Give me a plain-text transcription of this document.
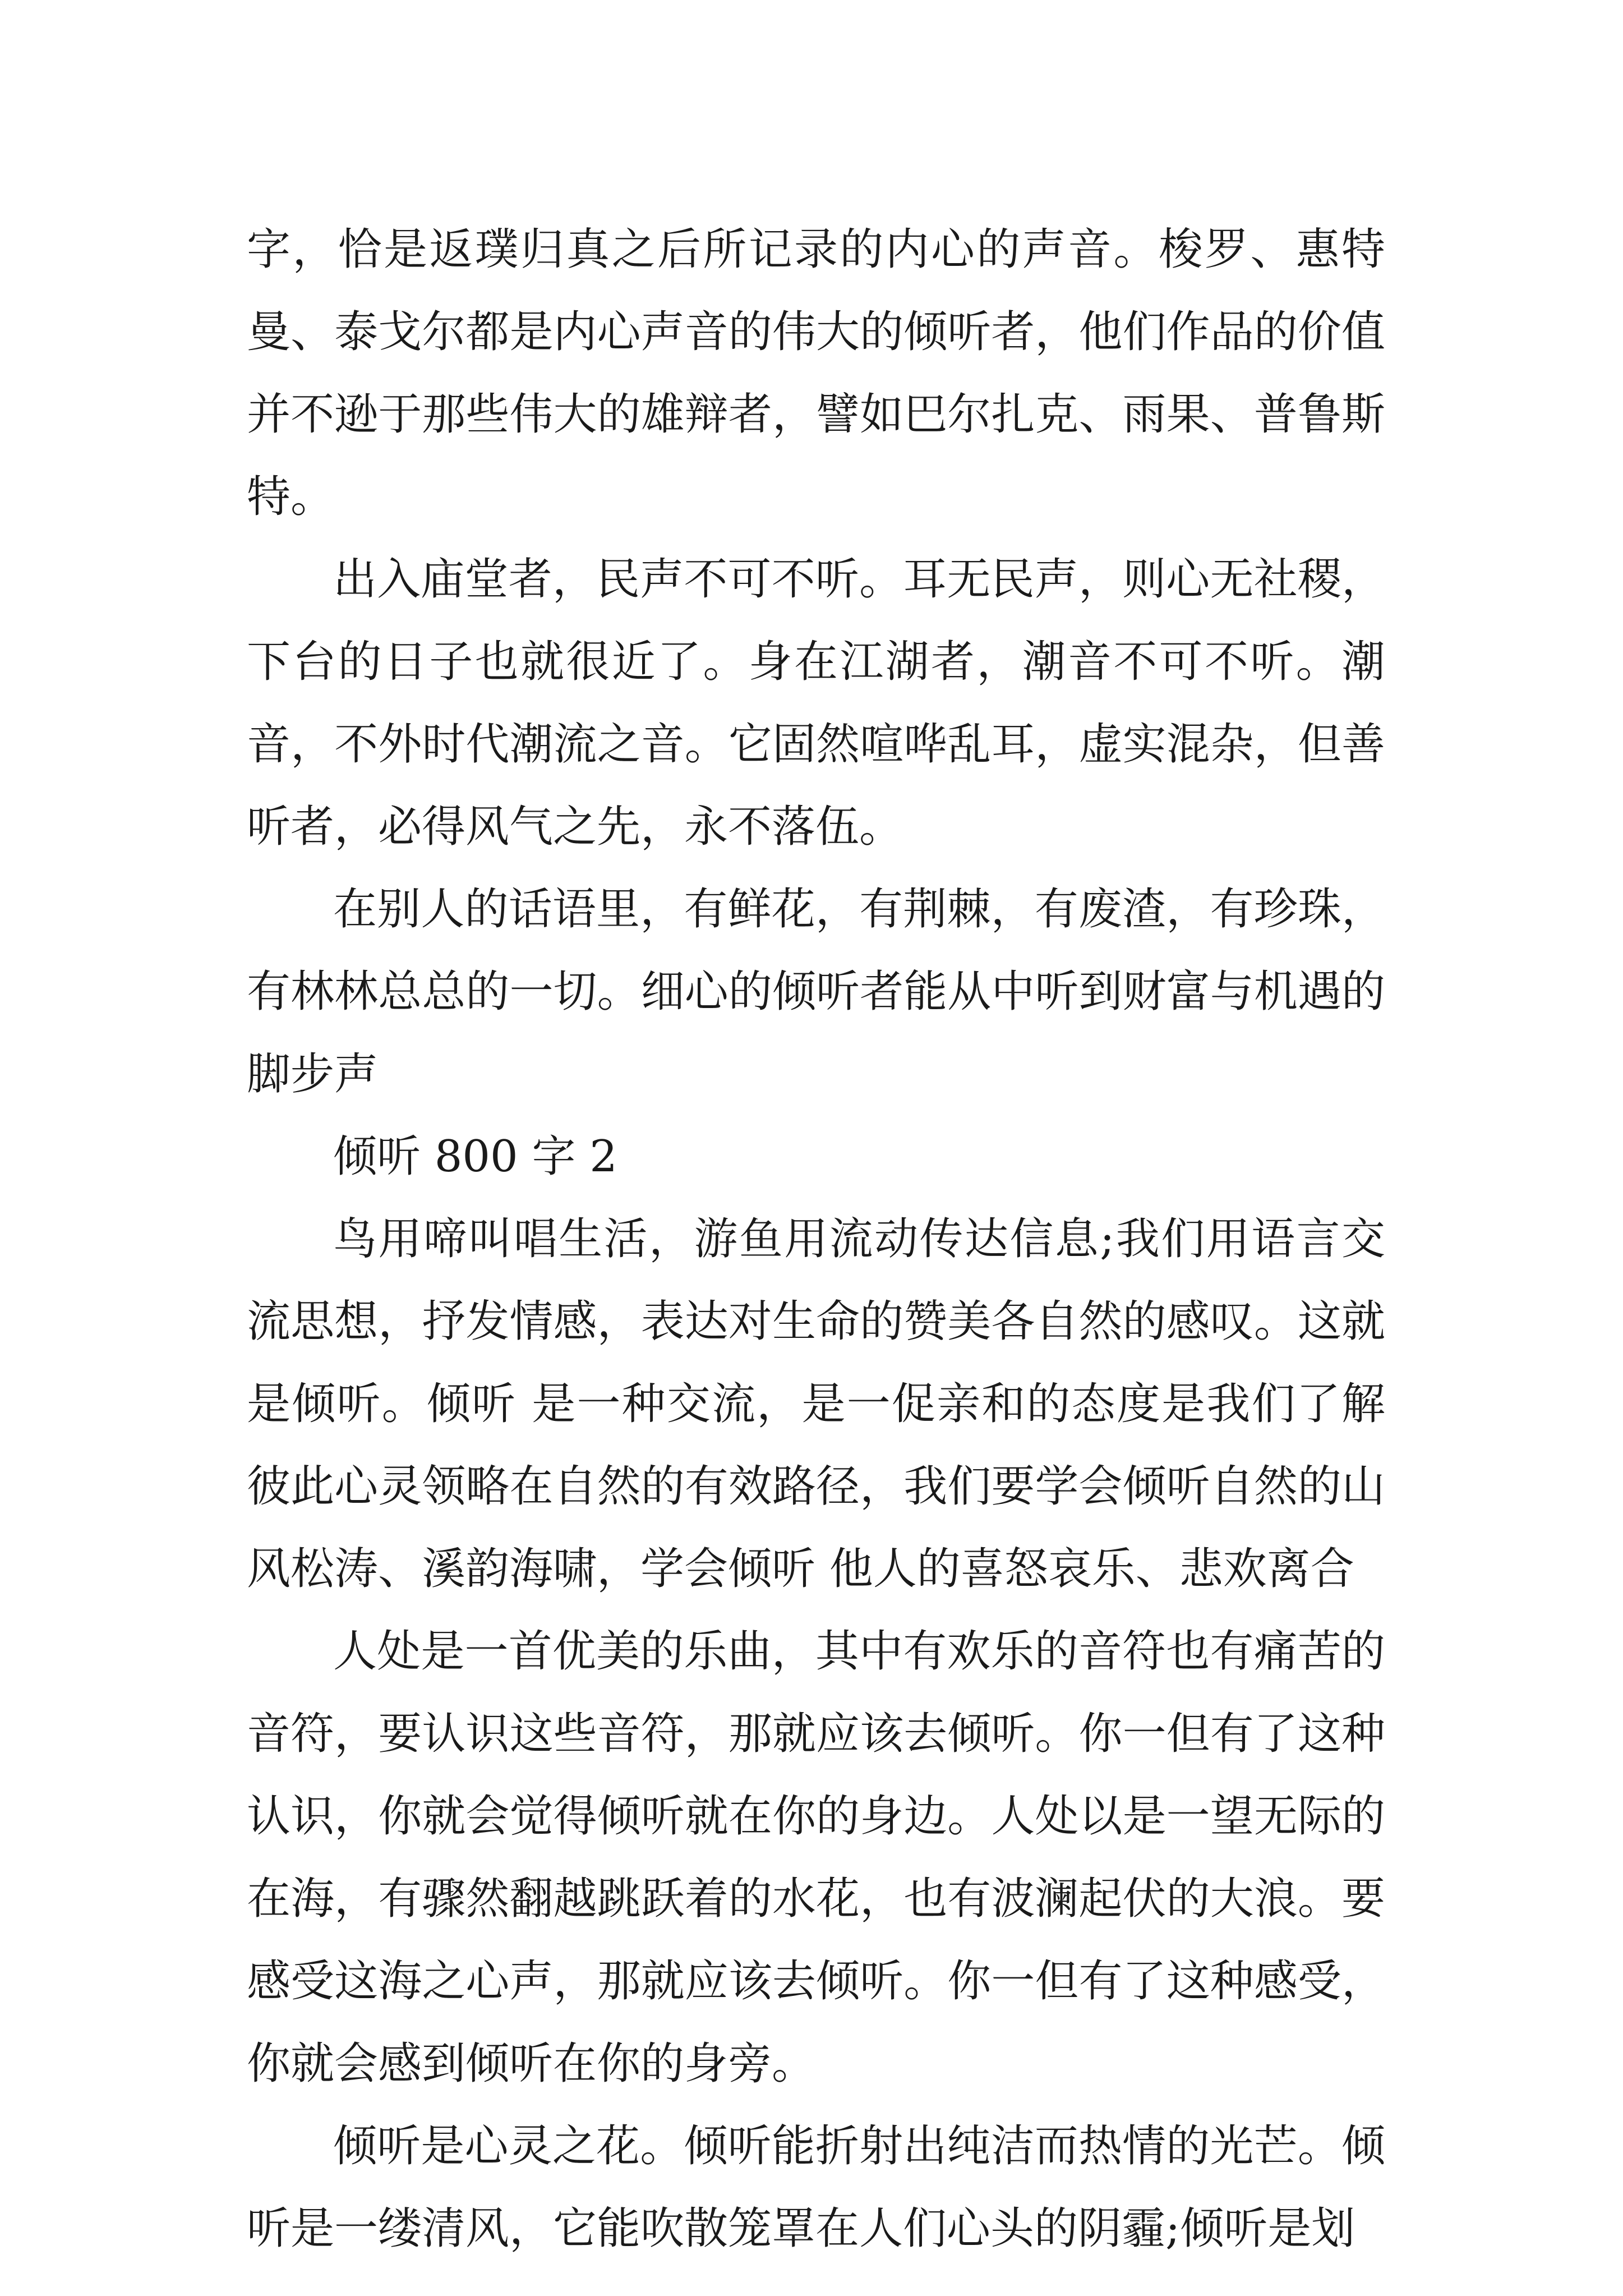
字，恰是返璞归真之后所记录的内心的声音。梭罗、惠特曼、泰戈尔都是内心声音的伟大的倾听者，他们作品的价值并不逊于那些伟大的雄辩者，譬如巴尔扎克、雨果、普鲁斯特。

出入庙堂者，民声不可不听。耳无民声，则心无社稷，下台的日子也就很近了。身在江湖者，潮音不可不听。潮音，不外时代潮流之音。它固然喧哗乱耳，虚实混杂，但善听者，必得风气之先，永不落伍。

在别人的话语里，有鲜花，有荆棘，有废渣，有珍珠，有林林总总的一切。细心的倾听者能从中听到财富与机遇的脚步声

倾听 800 字 2

鸟用啼叫唱生活，游鱼用流动传达信息;我们用语言交流思想，抒发情感，表达对生命的赞美各自然的感叹。这就是倾听。倾听 是一种交流，是一促亲和的态度是我们了解彼此心灵领略在自然的有效路径，我们要学会倾听自然的山风松涛、溪韵海啸，学会倾听 他人的喜怒哀乐、悲欢离合

人处是一首优美的乐曲，其中有欢乐的音符也有痛苦的音符，要认识这些音符，那就应该去倾听。你一但有了这种认识，你就会觉得倾听就在你的身边。人处以是一望无际的在海，有骤然翻越跳跃着的水花，也有波澜起伏的大浪。要感受这海之心声，那就应该去倾听。你一但有了这种感受，你就会感到倾听在你的身旁。

倾听是心灵之花。倾听能折射出纯洁而热情的光芒。倾听是一缕清风，它能吹散笼罩在人们心头的阴霾;倾听是划
